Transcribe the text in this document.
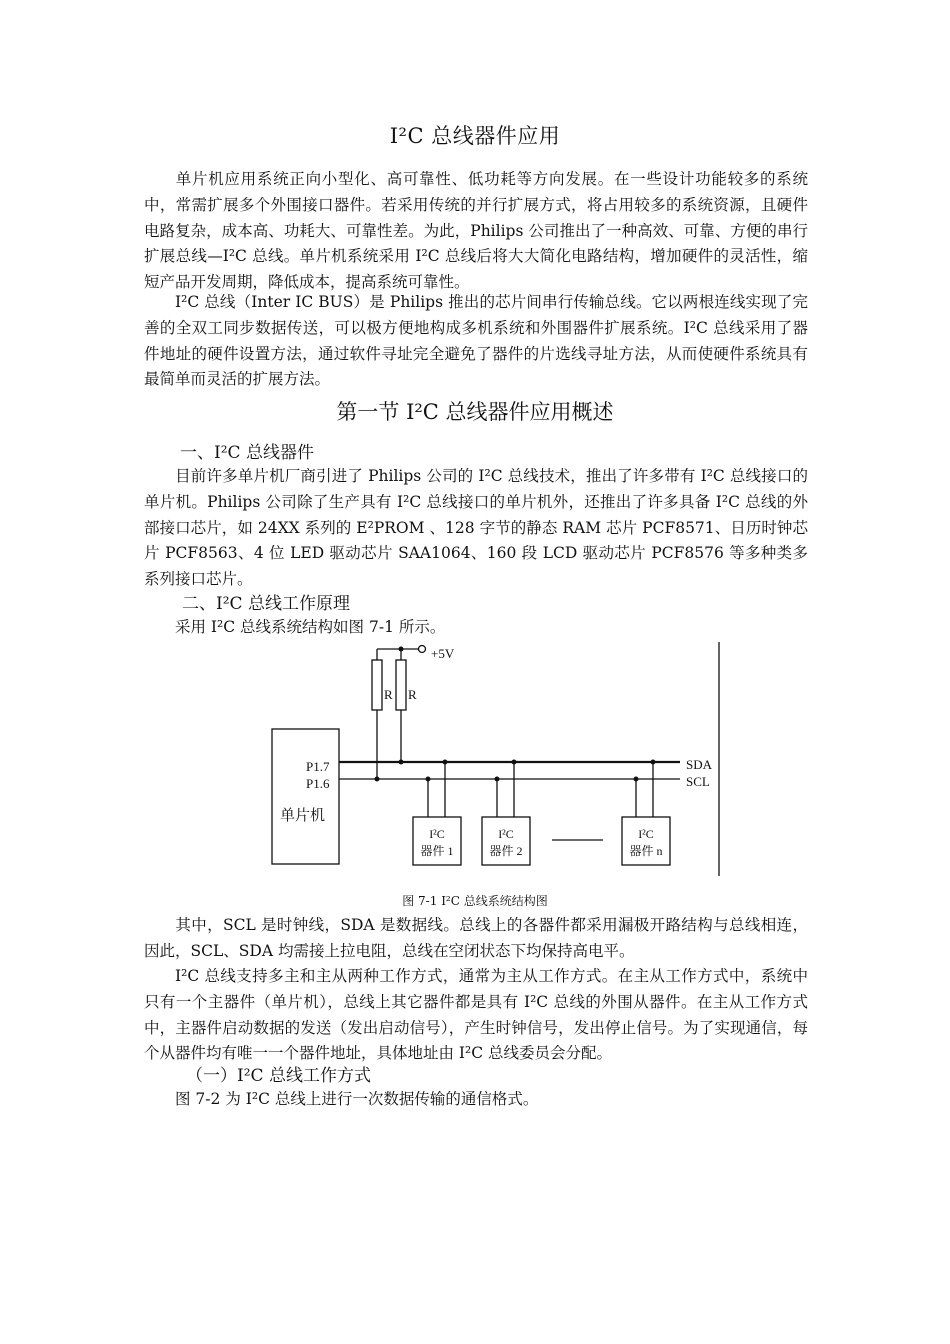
I²C 总线器件应用
单片机应用系统正向小型化、高可靠性、低功耗等方向发展。在一些设计功能较多的系统中，常需扩展多个外围接口器件。若采用传统的并行扩展方式，将占用较多的系统资源，且硬件电路复杂，成本高、功耗大、可靠性差。为此，Philips 公司推出了一种高效、可靠、方便的串行扩展总线—I²C 总线。单片机系统采用 I²C 总线后将大大简化电路结构，增加硬件的灵活性，缩短产品开发周期，降低成本，提高系统可靠性。
I²C 总线（Inter IC BUS）是 Philips 推出的芯片间串行传输总线。它以两根连线实现了完善的全双工同步数据传送，可以极方便地构成多机系统和外围器件扩展系统。I²C 总线采用了器件地址的硬件设置方法，通过软件寻址完全避免了器件的片选线寻址方法，从而使硬件系统具有最简单而灵活的扩展方法。
第一节 I²C 总线器件应用概述
一、I²C 总线器件
目前许多单片机厂商引进了 Philips 公司的 I²C 总线技术，推出了许多带有 I²C 总线接口的单片机。Philips 公司除了生产具有 I²C 总线接口的单片机外，还推出了许多具备 I²C 总线的外部接口芯片，如 24XX 系列的 E²PROM 、128 字节的静态 RAM 芯片 PCF8571、日历时钟芯片 PCF8563、4 位 LED 驱动芯片 SAA1064、160 段 LCD 驱动芯片 PCF8576 等多种类多系列接口芯片。
二、I²C 总线工作原理
采用 I²C 总线系统结构如图 7-1 所示。
+5V
R R
P1.7
P1.6
SDA
SCL
单片机
I²C
器件 1
I²C
器件 2
I²C
器件 n
图 7-1 I²C 总线系统结构图
其中，SCL 是时钟线，SDA 是数据线。总线上的各器件都采用漏极开路结构与总线相连，因此，SCL、SDA 均需接上拉电阻，总线在空闭状态下均保持高电平。
I²C 总线支持多主和主从两种工作方式，通常为主从工作方式。在主从工作方式中，系统中只有一个主器件（单片机），总线上其它器件都是具有 I²C 总线的外围从器件。在主从工作方式中，主器件启动数据的发送（发出启动信号），产生时钟信号，发出停止信号。为了实现通信，每个从器件均有唯一一个器件地址，具体地址由 I²C 总线委员会分配。
（一）I²C 总线工作方式
图 7-2 为 I²C 总线上进行一次数据传输的通信格式。
